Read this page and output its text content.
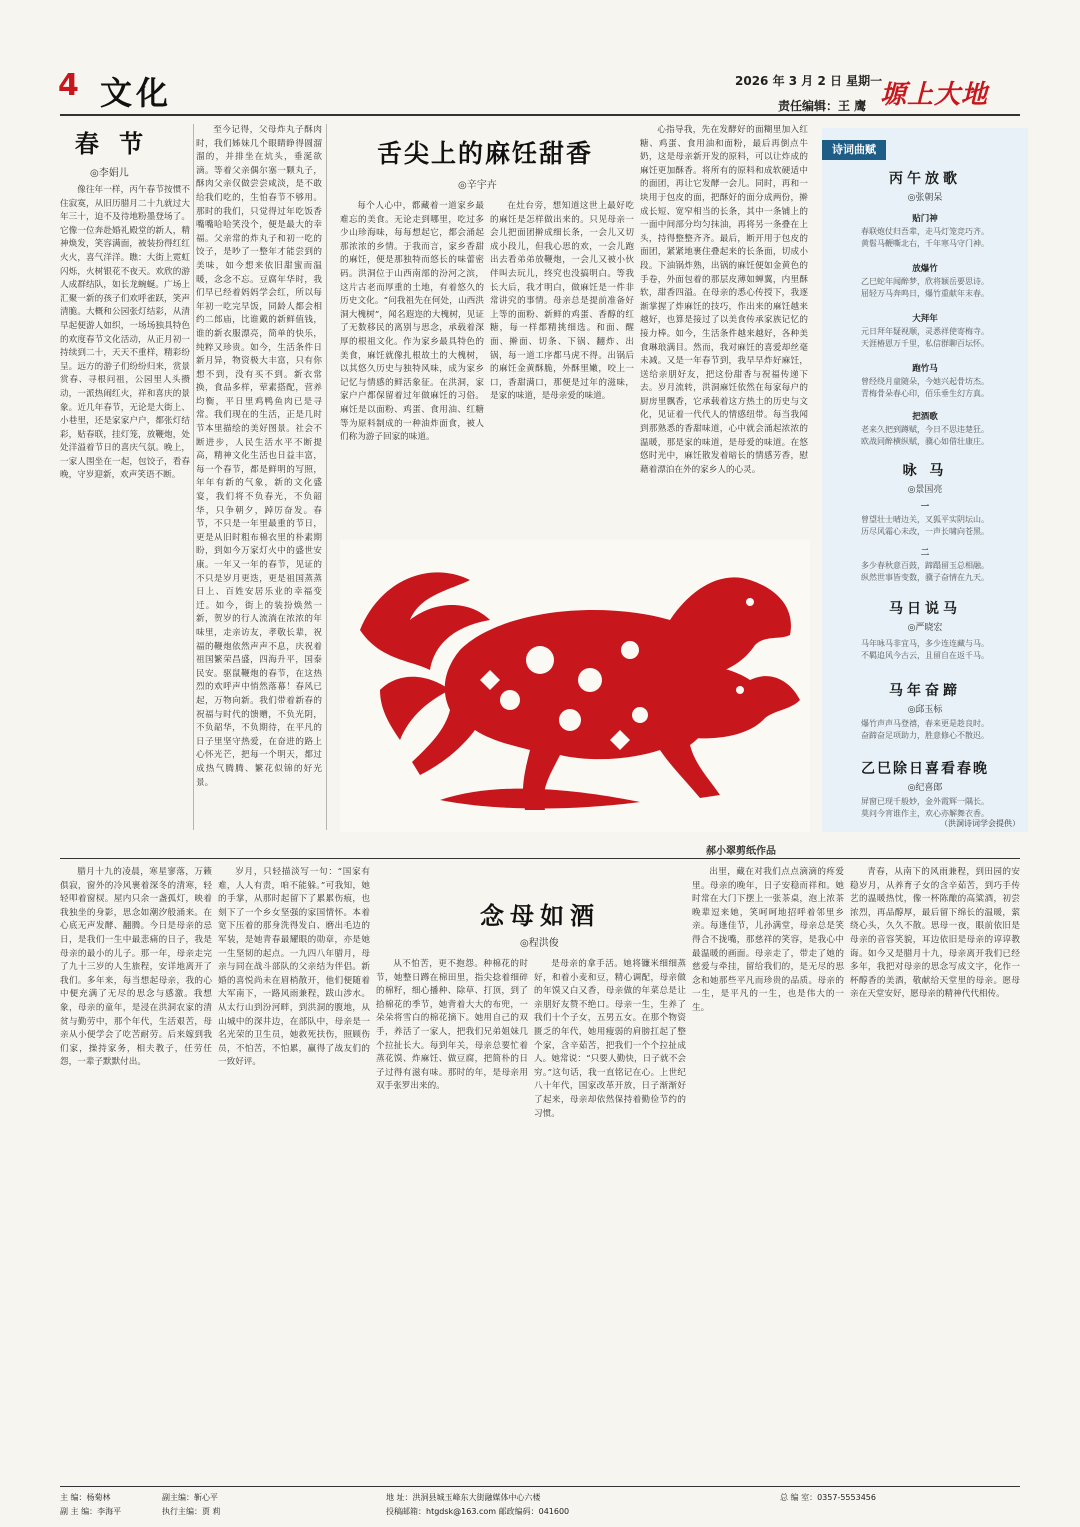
4 文化	2026 年 3 月 2 日 星期一
责任编辑：王 鹰 塬上大地
春 节
◎李娟儿
像往年一样，丙午春节按惯不住寂寞，从旧历腊月二十九就过大年三十，迫不及待地粉墨登场了。它像一位奔赴婚礼殿堂的新人，精神焕发，笑容满面，被装扮得红红火火，喜气洋洋。瞧：大街上霓虹闪烁，火树银花不夜天。欢欣的游人成群结队，如长龙蜿蜒。广场上汇聚一新的孩子们欢呼雀跃，笑声清脆。大概和公园张灯结彩，从清早起便游人如织，一场场独具特色的欢度春节文化活动，从正月初一持续到二十，天天不重样，精彩纷呈。远方的游子们纷纷归来，赏景赏春、寻根问祖，公园里人头攒动，一派热闹红火，祥和喜庆的景象。近几年春节，无论是大街上、小巷里，还是家家户户，都张灯结彩，贴春联，挂灯笼，放鞭炮，处处洋溢着节日的喜庆气氛。晚上，一家人围坐在一起，包饺子，看春晚，守岁迎新，欢声笑语不断。
至今记得，父母炸丸子酥肉时，我们姊妹几个眼睛睁得圆溜溜的，并排坐在炕头，垂涎欲滴。等着父亲偶尔塞一颗丸子，酥肉父亲仅做尝尝咸淡，是不敢给我们吃的，生怕春节不够用。那时的我们，只觉得过年吃饭香嘴嘴哈哈笑没个，便是最大的幸福。父亲常的炸丸子和初一吃的饺子，是吵了一整年才能尝到的美味，如今想来依旧甜蜜而温暖，念念不忘。豆腐年华时，我们早已经着妈妈学会红，所以每年初一吃完早饭，同龄人都会相约二郎庙，比谁戴的新鲜值钱，谁的新衣服漂亮，简单的快乐，纯粹又珍贵。如今，生活条件日新月异，物资极大丰富，只有你想不到，没有买不到。新衣常换，食品多样，荤素搭配，营养均衡，平日里鸡鸭鱼肉已是寻常。我们现在的生活，正是几时节本里描绘的美好图景。社会不断进步，人民生活水平不断提高，精神文化生活也日益丰富，每一个春节，都是鲜明的写照，年年有新的气象，新的文化盛宴，我们将不负春光，不负韶华，只争朝夕，踔厉奋发。春节，不只是一年里最重的节日，更是从旧时粗布棉衣里的朴素期盼，到如今万家灯火中的盛世安康。一年又一年的春节，见证的不只是岁月更迭，更是祖国蒸蒸日上、百姓安居乐业的幸福变迁。如今，街上的装扮焕然一新，贺岁的行人流淌在浓浓的年味里，走亲访友，孝敬长辈，祝福的鞭炮依然声声不息，庆祝着祖国繁荣昌盛，四海升平，国泰民安。驱鼠鞭炮的春节，在这热烈的欢呼声中悄然落幕！春风已起，万物向新。我们带着新春的祝福与时代的馈赠，不负光阴，不负韶华，不负期待，在平凡的日子里坚守热爱，在奋进的路上心怀光芒，把每一个明天，都过成热气腾腾、繁花似锦的好光景。
舌尖上的麻饪甜香
◎辛宇卉
每个人心中，都藏着一道家乡最难忘的美食。无论走到哪里，吃过多少山珍海味，每每想起它，都会涌起那浓浓的乡情。于我而言，家乡香甜的麻饪，便是那独特而悠长的味蕾密码。洪洞位于山西南部的汾河之滨，这片古老而厚重的土地，有着悠久的历史文化。“问我祖先在何处，山西洪洞大槐树”，闻名遐迩的大槐树，见证了无数移民的离别与思念，承载着深厚的根祖文化。作为家乡最具特色的美食，麻饪就像扎根故土的大槐树，以其悠久历史与独特风味，成为家乡记忆与情感的鲜活象征。在洪洞，家家户户都保留着过年做麻饪的习俗。麻饪是以面粉、鸡蛋、食用油、红糖等为原料制成的一种油炸面食，被人们称为游子回家的味道。
在灶台旁，想知道这世上最好吃的麻饪是怎样做出来的。只见母亲一会儿把面团擀成细长条，一会儿又切成小段儿，但我心思的欢，一会儿跑出去看弟弟放鞭炮，一会儿又被小伙伴叫去玩儿，终究也没搞明白。等我长大后，我才明白，做麻饪是一件非常讲究的事情。母亲总是提前准备好上等的面粉、新鲜的鸡蛋、香醇的红糖，每一样都精挑细选。和面、醒面、擀面、切条、下锅、翻炸、出锅，每一道工序都马虎不得。出锅后的麻饪金黄酥脆，外酥里嫩，咬上一口，香甜满口，那便是过年的滋味，是家的味道，是母亲爱的味道。
心指导我，先在发酵好的面糊里加入红糖、鸡蛋、食用油和面粉，最后再倒点牛奶，这是母亲新开发的原料，可以让炸成的麻饪更加酥香。将所有的原料和成软硬适中的面团，再让它发酵一会儿。同时，再和一块用于包皮的面，把酥好的面分成两份，擀成长短、宽窄相当的长条，其中一条铺上的一面中间部分均匀抹油，再将另一条叠在上头，持得整整齐齐。最后，断开用于包皮的面团，紧紧地裹住叠起来的长条面，切成小段。下油锅炸熟，出锅的麻饪便如金黄色的手卷，外面包着的那层皮薄如蝉翼，内里酥软，甜香四溢。在母亲的悉心传授下，我逐渐掌握了炸麻饪的技巧，作出来的麻饪越来越好，也算是接过了以美食传承家族记忆的接力棒。如今，生活条件越来越好，各种美食琳琅满目。然而，我对麻饪的喜爱却丝毫未减。又是一年春节到，我早早炸好麻饪，送给亲朋好友，把这份甜香与祝福传递下去。岁月流转，洪洞麻饪依然在每家每户的厨房里飘香，它承载着这方热土的历史与文化，见证着一代代人的情感纽带。每当我闻到那熟悉的香甜味道，心中就会涌起浓浓的温暖，那是家的味道，是母爱的味道。在悠悠时光中，麻饪散发着暗长的情感芳香，慰藉着漂泊在外的家乡人的心灵。
郝小翠剪纸作品
诗词曲赋
丙午放歌
◎张朝呆
贴门神
春联炮仗归吾辈，走马灯笼竞巧齐。
黄髫马鞭嘶北右，千年寒马守门神。
放爆竹
乙巳蛇年闻醉梦，欣将颖岳要思诗。
屈轻万马奔鸣日，爆竹重献年末春。
大拜年
元日拜年疑视顺，灵悉祥使寄梅寺。
天涯椿恩万千里，私信群聊百坛怀。
跑竹马
曾经绕月童随朵，今她兴起骨坊杰。
青梅骨朵春心印，佰乐垂生幻方真。
把酒歌
老来久把到蹲赋，今日不思违楚狂。
欧战同醉横纵赋，骥心如借壮康庄。
咏 马
◎景国亮
一
曾望壮士晴边关，叉狐平实阴坛山。
历尽风霜心未改，一声长啸向苍黑。
二
多少春秋意百鼓，蹄蹋留玉总相融。
纵然世事皆变数，骥子奋情在九天。
马日说马
◎严晓宏
马年咏马非宜马，多少连连藏与马。
不羁追风今古云，且留自在返千马。
马年奋蹄
◎邱玉标
爆竹声声马登禧，春来更是趁良时。
奋蹄奋足项助力，胜意修心不散迟。
乙巳除日喜看春晚
◎纪喜郎
屏窗已现千般妙，金外霞辉一隅长。
莫问今宵谁作主，欢心亦解舞衣香。
（洪洞诗词学会提供）
念母如酒
◎程洪俊
腊月十九的凌晨，寒星寥落，万籁俱寂，窗外的冷风裹着深冬的清寒，轻轻叩着窗棂。屋内只余一盏孤灯，映着我独坐的身影，思念如潮汐般涌来。在心底无声发酵、翻腾。今日是母亲的忌日，是我们一生中最悲痛的日子，我是母亲的最小的儿子。那一年，母亲走完了九十三岁的人生旅程，安详地离开了我们。多年来，每当想起母亲，我的心中便充满了无尽的思念与感激。我想象，母亲的童年，是浸在洪洞农家的清贫与勤劳中，那个年代，生活艰苦，母亲从小便学会了吃苦耐劳。后来嫁到我们家，操持家务，相夫教子，任劳任怨，一辈子默默付出。
岁月，只轻描淡写一句：“国家有难，人人有责，咱不能躲。”可我知，她的手掌，从那时起留下了累累伤痕，也刻下了一个乡女坚强的家国情怀。本着宽下压着的那身洗得发白、磨出毛边的军装，是她青春最耀眼的勋章，亦是她一生坚韧的起点。一九四八年腊月，母亲与同在战斗部队的父亲结为伴侣。新婚的喜悦尚未在眉梢散开，他们便随着大军南下，一路风雨兼程，跋山涉水。从太行山到汾河畔，到洪洞的腹地，从山城中的深井边，在部队中，母亲是一名光荣的卫生员，她救死扶伤，照顾伤员，不怕苦，不怕累，赢得了战友们的一致好评。
从不怕苦，更不抱怨。种棉花的时节，她整日蹲在棉田里，指尖捻着细碎的棉籽，细心播种、除草、打顶，到了拾棉花的季节，她背着大大的布兜，一朵朵将雪白的棉花摘下。她用自己的双手，养活了一家人，把我们兄弟姐妹几个拉扯长大。每到年关，母亲总要忙着蒸花馍、炸麻饪、做豆腐，把简朴的日子过得有滋有味。那时的年，是母亲用双手张罗出来的。
是母亲的拿手活。她将镰米细细蒸好，和着小麦和豆，精心调配，母亲做的年馍又白又香，母亲做的年菜总是让亲朋好友赞不绝口。母亲一生，生养了我们十个子女，五男五女。在那个物资匮乏的年代，她用瘦弱的肩膀扛起了整个家，含辛茹苦，把我们一个个拉扯成人。她常说：“只要人勤快，日子就不会穷。”这句话，我一直铭记在心。上世纪八十年代，国家改革开放，日子渐渐好了起来，母亲却依然保持着勤俭节约的习惯。
出里，藏在对我们点点滴滴的疼爱里。母亲的晚年，日子安稳而祥和。她时常在大门下摆上一张茶桌，泡上浓茶晚辈逗来她，笑呵呵地招呼着邻里乡亲。每逢佳节，儿孙满堂，母亲总是笑得合不拢嘴，那慈祥的笑容，是我心中最温暖的画面。母亲走了，带走了她的慈爱与牵挂，留给我们的，是无尽的思念和她那些平凡而珍贵的品质。母亲的一生，是平凡的一生，也是伟大的一生。
青春，从南下的风雨兼程，到田园的安稳岁月，从养育子女的含辛茹苦，到巧手传艺的温暖热忱，像一杯陈酿的高粱酒，初尝浓烈，再品醇厚，最后留下绵长的温暖，萦绕心头，久久不散。思母一夜，眼前依旧是母亲的音容笑貌，耳边依旧是母亲的谆谆教诲。如今又是腊月十九，母亲离开我们已经多年，我把对母亲的思念写成文字，化作一杯醇香的美酒，敬献给天堂里的母亲。愿母亲在天堂安好，愿母亲的精神代代相传。
主 编：杨菊林
副 主 编：李海平
副主编：靳心平
执行主编：贾 莉
地 址：洪洞县城玉峰东大街融媒体中心六楼
投稿邮箱：htgdsk@163.com 邮政编码：041600
总 编 室：0357-5553456
